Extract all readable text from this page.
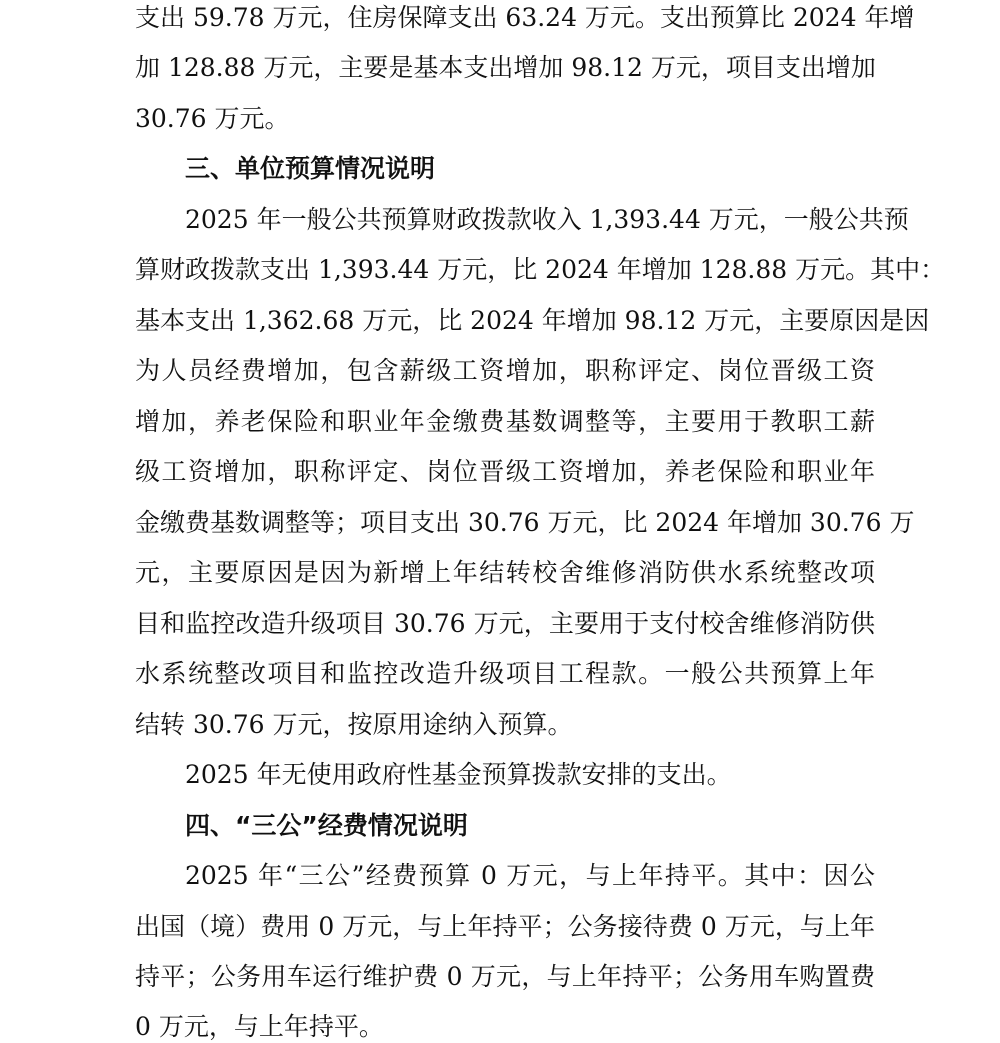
支出 59.78 万元，住房保障支出 63.24 万元。支出预算比 2024 年增
加 128.88 万元，主要是基本支出增加 98.12 万元，项目支出增加
30.76 万元。
三、单位预算情况说明
2025 年一般公共预算财政拨款收入 1,393.44 万元，一般公共预
算财政拨款支出 1,393.44 万元，比 2024 年增加 128.88 万元。其中：
基本支出 1,362.68 万元，比 2024 年增加 98.12 万元，主要原因是因
为人员经费增加，包含薪级工资增加，职称评定、岗位晋级工资
增加，养老保险和职业年金缴费基数调整等，主要用于教职工薪
级工资增加，职称评定、岗位晋级工资增加，养老保险和职业年
金缴费基数调整等；项目支出 30.76 万元，比 2024 年增加 30.76 万
元，主要原因是因为新增上年结转校舍维修消防供水系统整改项
目和监控改造升级项目 30.76 万元，主要用于支付校舍维修消防供
水系统整改项目和监控改造升级项目工程款。一般公共预算上年
结转 30.76 万元，按原用途纳入预算。
2025 年无使用政府性基金预算拨款安排的支出。
四、“三公”经费情况说明
2025 年“三公”经费预算 0 万元，与上年持平。其中：因公
出国（境）费用 0 万元，与上年持平；公务接待费 0 万元，与上年
持平；公务用车运行维护费 0 万元，与上年持平；公务用车购置费
0 万元，与上年持平。
